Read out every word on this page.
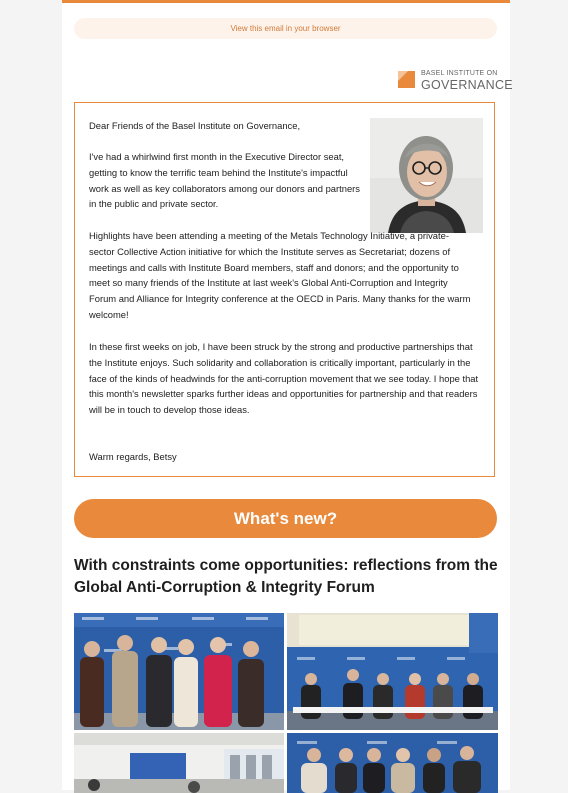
View this email in your browser
BASEL INSTITUTE ON
GOVERNANCE

Dear Friends of the Basel Institute on Governance,

I've had a whirlwind first month in the Executive Director seat, getting to know the terrific team behind the Institute's impactful work as well as key collaborators among our donors and partners in the public and private sector.

Highlights have been attending a meeting of the Metals Technology Initiative, a private-sector Collective Action initiative for which the Institute serves as Secretariat; dozens of meetings and calls with Institute Board members, staff and donors; and the opportunity to meet so many friends of the Institute at last week's Global Anti-Corruption and Integrity Forum and Alliance for Integrity conference at the OECD in Paris. Many thanks for the warm welcome!

In these first weeks on job, I have been struck by the strong and productive partnerships that the Institute enjoys. Such solidarity and collaboration is critically important, particularly in the face of the kinds of headwinds for the anti-corruption movement that we see today. I hope that this month's newsletter sparks further ideas and opportunities for partnership and that readers will be in touch to develop those ideas.

Warm regards, Betsy

What's new?
With constraints come opportunities: reflections from the Global Anti-Corruption & Integrity Forum
